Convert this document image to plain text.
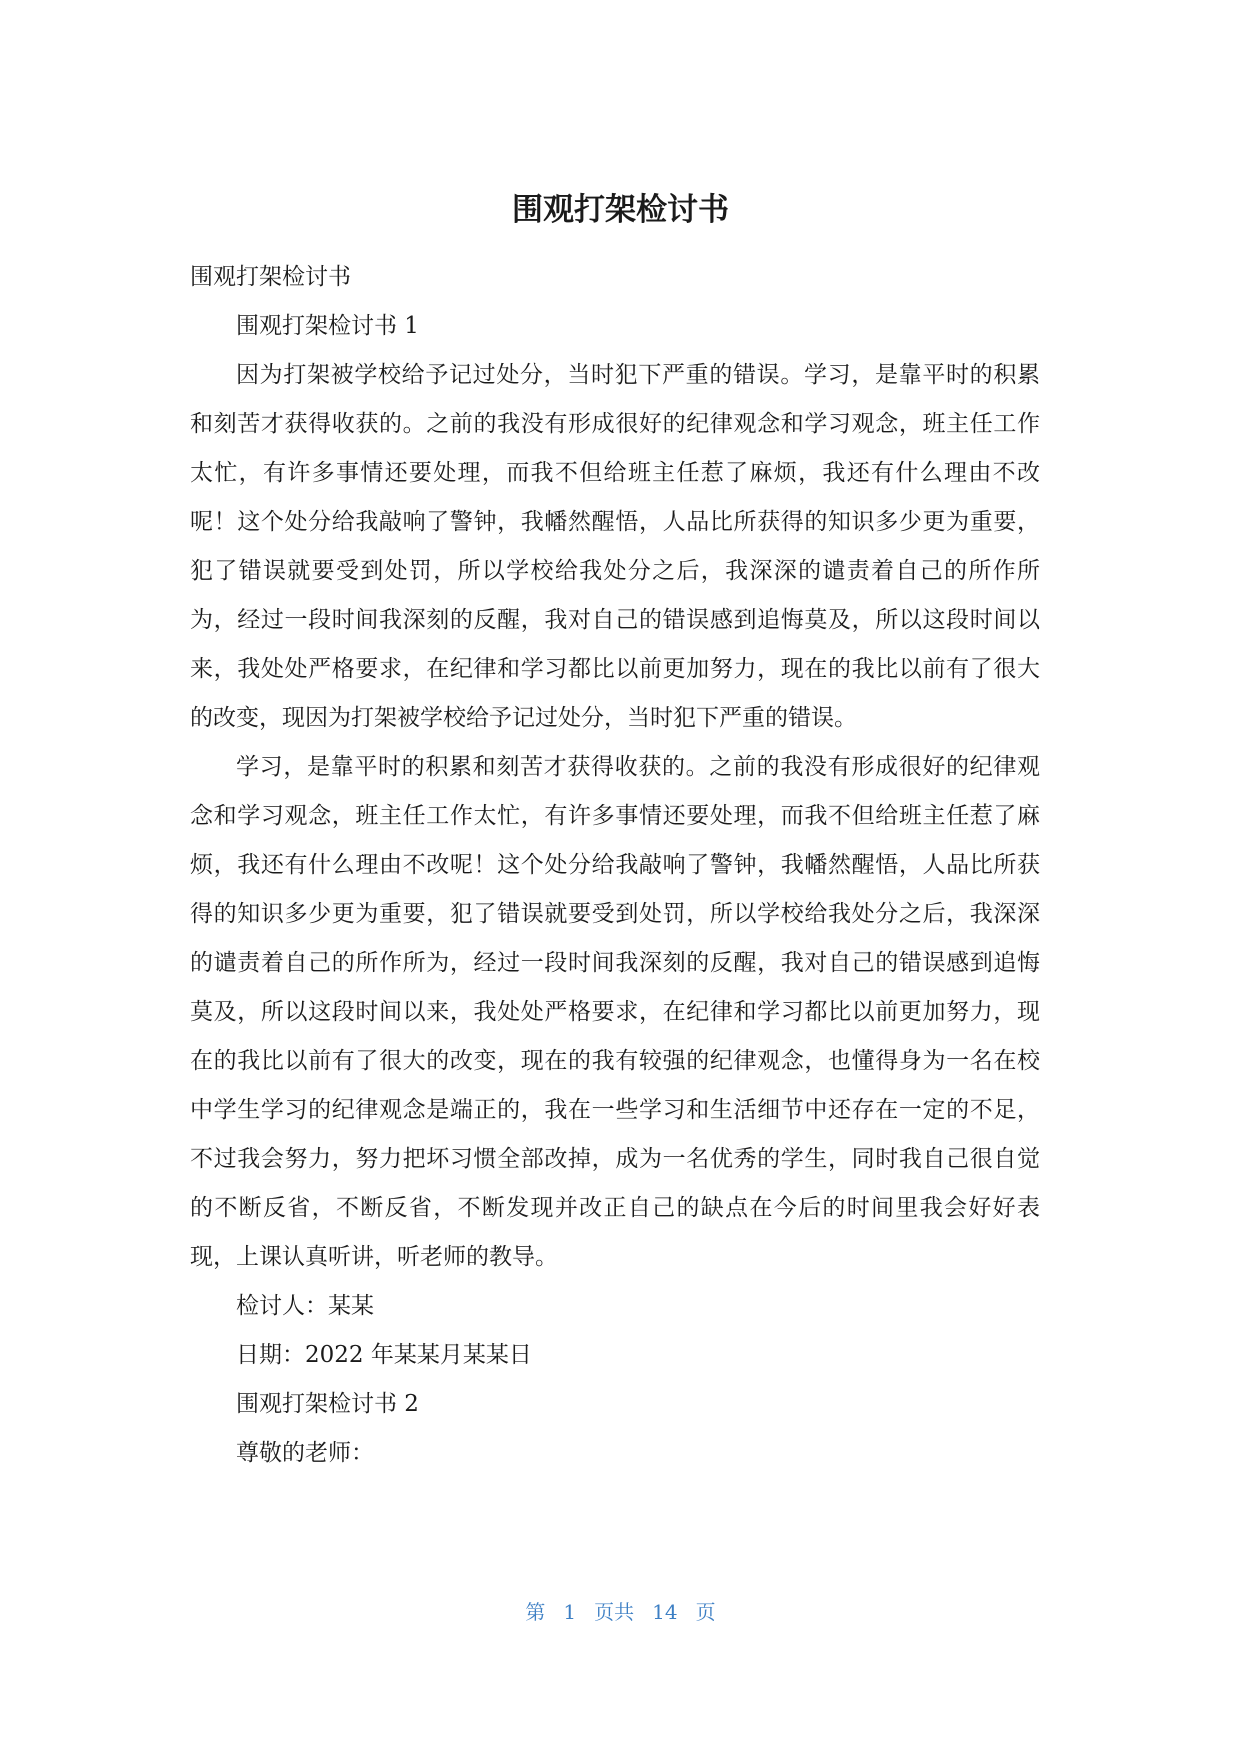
围观打架检讨书

围观打架检讨书

围观打架检讨书 1

因为打架被学校给予记过处分，当时犯下严重的错误。学习，是靠平时的积累和刻苦才获得收获的。之前的我没有形成很好的纪律观念和学习观念，班主任工作太忙，有许多事情还要处理，而我不但给班主任惹了麻烦，我还有什么理由不改呢！这个处分给我敲响了警钟，我幡然醒悟，人品比所获得的知识多少更为重要，犯了错误就要受到处罚，所以学校给我处分之后，我深深的谴责着自己的所作所为，经过一段时间我深刻的反醒，我对自己的错误感到追悔莫及，所以这段时间以来，我处处严格要求，在纪律和学习都比以前更加努力，现在的我比以前有了很大的改变，现因为打架被学校给予记过处分，当时犯下严重的错误。

学习，是靠平时的积累和刻苦才获得收获的。之前的我没有形成很好的纪律观念和学习观念，班主任工作太忙，有许多事情还要处理，而我不但给班主任惹了麻烦，我还有什么理由不改呢！这个处分给我敲响了警钟，我幡然醒悟，人品比所获得的知识多少更为重要，犯了错误就要受到处罚，所以学校给我处分之后，我深深的谴责着自己的所作所为，经过一段时间我深刻的反醒，我对自己的错误感到追悔莫及，所以这段时间以来，我处处严格要求，在纪律和学习都比以前更加努力，现在的我比以前有了很大的改变，现在的我有较强的纪律观念，也懂得身为一名在校中学生学习的纪律观念是端正的，我在一些学习和生活细节中还存在一定的不足，不过我会努力，努力把坏习惯全部改掉，成为一名优秀的学生，同时我自己很自觉的不断反省，不断反省，不断发现并改正自己的缺点在今后的时间里我会好好表现，上课认真听讲，听老师的教导。

检讨人：某某

日期：2022 年某某月某某日

围观打架检讨书 2

尊敬的老师：

第 1 页共 14 页
